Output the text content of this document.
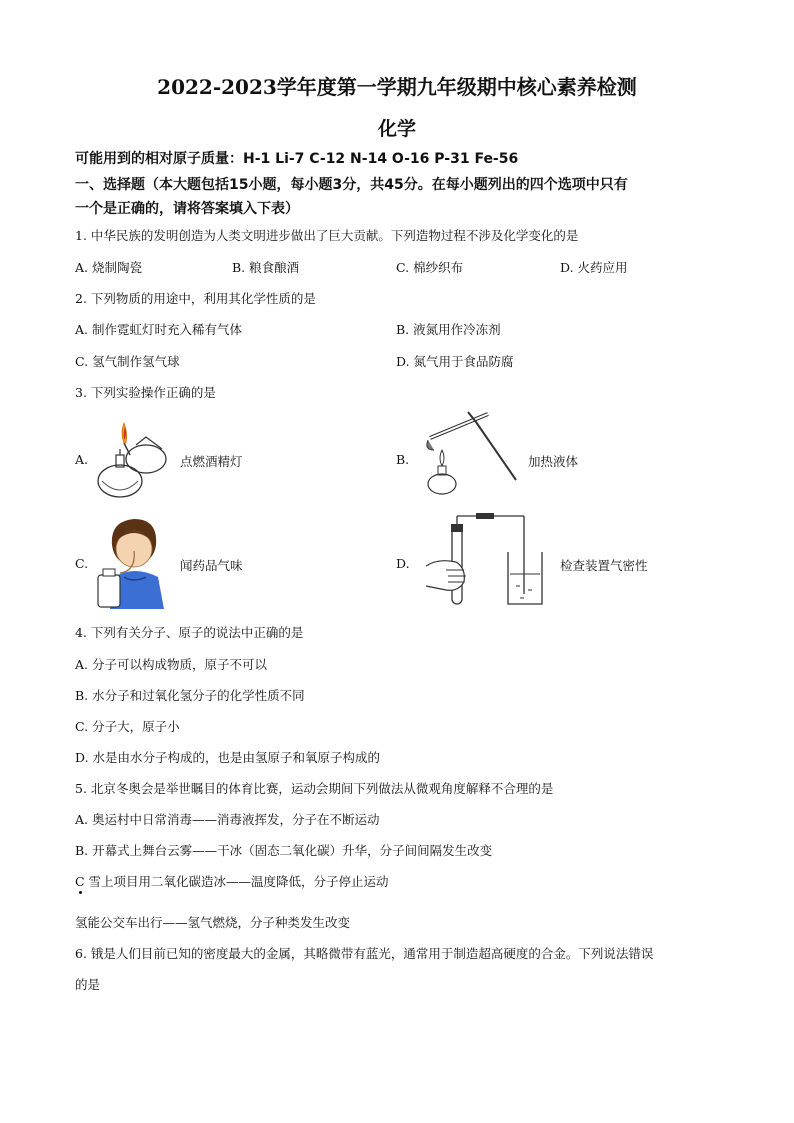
2022-2023学年度第一学期九年级期中核心素养检测
化学
可能用到的相对原子质量：H-1 Li-7 C-12 N-14 O-16 P-31 Fe-56
一、选择题（本大题包括15小题，每小题3分，共45分。在每小题列出的四个选项中只有
一个是正确的，请将答案填入下表）
1. 中华民族的发明创造为人类文明进步做出了巨大贡献。下列造物过程不涉及化学变化的是
A. 烧制陶瓷	B. 粮食酿酒	C. 棉纱织布	D. 火药应用
2. 下列物质的用途中，利用其化学性质的是
A. 制作霓虹灯时充入稀有气体	B. 液氮用作冷冻剂
C. 氢气制作氢气球	D. 氮气用于食品防腐
3. 下列实验操作正确的是
A.	点燃酒精灯	B.	加热液体
C.	闻药品气味	D.	检查装置气密性
4. 下列有关分子、原子的说法中正确的是
A. 分子可以构成物质，原子不可以
B. 水分子和过氧化氢分子的化学性质不同
C. 分子大，原子小
D. 水是由水分子构成的，也是由氢原子和氧原子构成的
5. 北京冬奥会是举世瞩目的体育比赛，运动会期间下列做法从微观角度解释不合理的是
A. 奥运村中日常消毒——消毒液挥发，分子在不断运动
B. 开幕式上舞台云雾——干冰（固态二氧化碳）升华，分子间间隔发生改变
C 雪上项目用二氧化碳造冰——温度降低，分子停止运动
氢能公交车出行——氢气燃烧，分子种类发生改变
6. 锇是人们目前已知的密度最大的金属，其略微带有蓝光，通常用于制造超高硬度的合金。下列说法错误
的是
